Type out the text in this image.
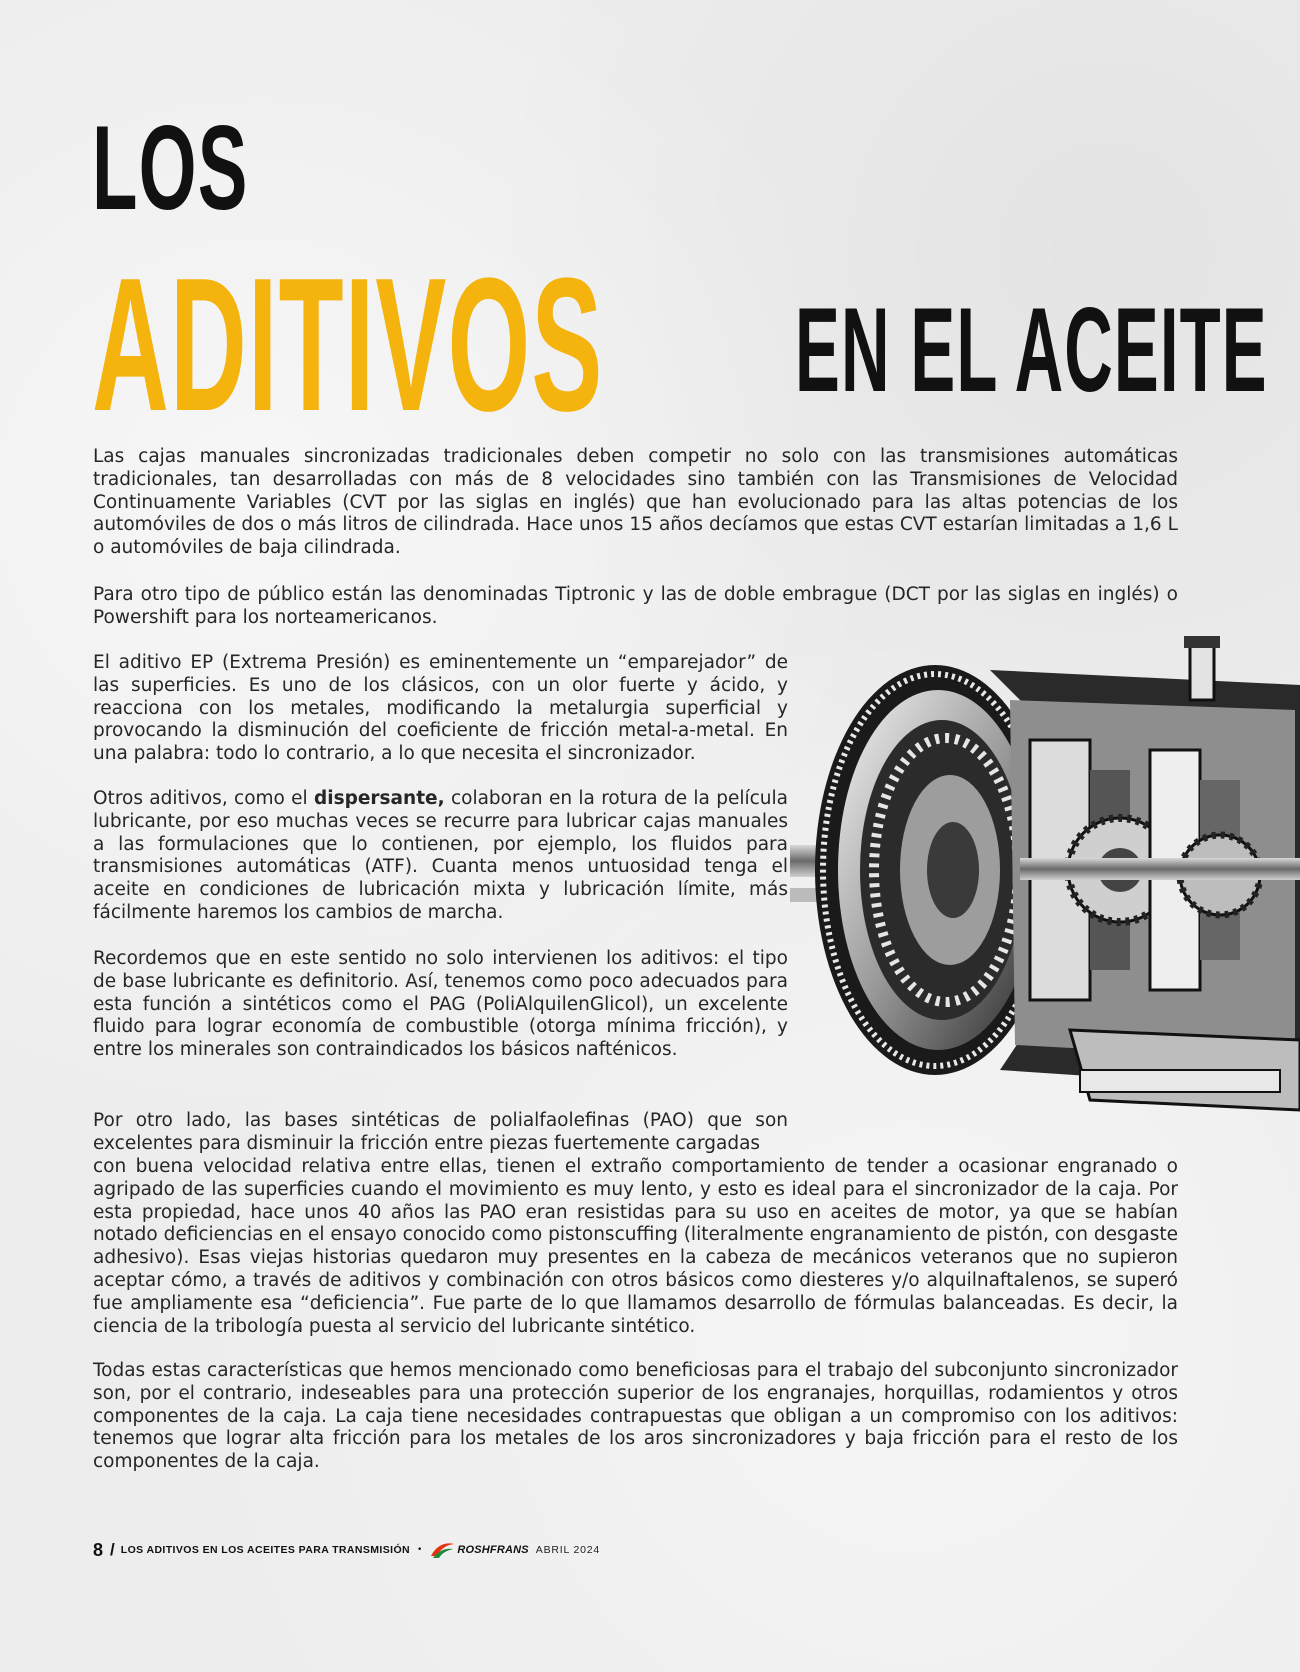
LOS
ADITIVOS EN EL ACEITE

Las cajas manuales sincronizadas tradicionales deben competir no solo con las transmisiones automáticas tradicionales, tan desarrolladas con más de 8 velocidades sino también con las Transmisiones de Velocidad Continuamente Variables (CVT por las siglas en inglés) que han evolucionado para las altas potencias de los automóviles de dos o más litros de cilindrada. Hace unos 15 años decíamos que estas CVT estarían limitadas a 1,6 L o automóviles de baja cilindrada.

Para otro tipo de público están las denominadas Tiptronic y las de doble embrague (DCT por las siglas en inglés) o Powershift para los norteamericanos.

El aditivo EP (Extrema Presión) es eminentemente un “emparejador” de las superficies. Es uno de los clásicos, con un olor fuerte y ácido, y reacciona con los metales, modificando la metalurgia superficial y provocando la disminución del coeficiente de fricción metal-a-metal. En una palabra: todo lo contrario, a lo que necesita el sincronizador.

Otros aditivos, como el dispersante, colaboran en la rotura de la película lubricante, por eso muchas veces se recurre para lubricar cajas manuales a las formulaciones que lo contienen, por ejemplo, los fluidos para transmisiones automáticas (ATF). Cuanta menos untuosidad tenga el aceite en condiciones de lubricación mixta y lubricación límite, más fácilmente haremos los cambios de marcha.

Recordemos que en este sentido no solo intervienen los aditivos: el tipo de base lubricante es definitorio. Así, tenemos como poco adecuados para esta función a sintéticos como el PAG (PoliAlquilenGlicol), un excelente fluido para lograr economía de combustible (otorga mínima fricción), y entre los minerales son contraindicados los básicos nafténicos.

Por otro lado, las bases sintéticas de polialfaolefinas (PAO) que son excelentes para disminuir la fricción entre piezas fuertemente cargadas

con buena velocidad relativa entre ellas, tienen el extraño comportamiento de tender a ocasionar engranado o agripado de las superficies cuando el movimiento es muy lento, y esto es ideal para el sincronizador de la caja. Por esta propiedad, hace unos 40 años las PAO eran resistidas para su uso en aceites de motor, ya que se habían notado deficiencias en el ensayo conocido como pistonscuffing (literalmente engranamiento de pistón, con desgaste adhesivo). Esas viejas historias quedaron muy presentes en la cabeza de mecánicos veteranos que no supieron aceptar cómo, a través de aditivos y combinación con otros básicos como diesteres y/o alquilnaftalenos, se superó fue ampliamente esa “deficiencia”. Fue parte de lo que llamamos desarrollo de fórmulas balanceadas. Es decir, la ciencia de la tribología puesta al servicio del lubricante sintético.

Todas estas características que hemos mencionado como beneficiosas para el trabajo del subconjunto sincronizador son, por el contrario, indeseables para una protección superior de los engranajes, horquillas, rodamientos y otros componentes de la caja. La caja tiene necesidades contrapuestas que obligan a un compromiso con los aditivos: tenemos que lograr alta fricción para los metales de los aros sincronizadores y baja fricción para el resto de los componentes de la caja.

8 / LOS ADITIVOS EN LOS ACEITES PARA TRANSMISIÓN •	ROSHFRANS ABRIL 2024
